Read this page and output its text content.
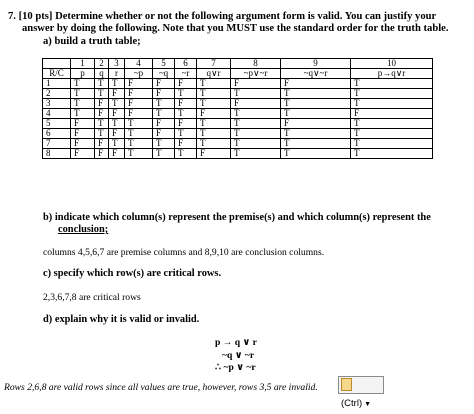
7. [10 pts] Determine whether or not the following argument form is valid. You can justify your
answer by doing the following. Note that you MUST use the standard order for the truth table.
a) build a truth table;
	1	2	3	4	5	6	7	8	9	10
R/C	p	q	r	~p	~q	~r	q∨r	~p∨~r	~q∨~r	p→q∨r
1	T	T	T	F	F	F	T	F	F	T
2	T	T	F	F	F	T	T	T	T	T
3	T	F	T	F	T	F	T	F	T	T
4	T	F	F	F	T	T	F	T	T	F
5	F	T	T	T	F	F	T	T	F	T
6	F	T	F	T	F	T	T	T	T	T
7	F	F	T	T	T	F	T	T	T	T
8	F	F	F	T	T	T	F	T	T	T
b) indicate which column(s) represent the premise(s) and which column(s) represent the
conclusion;
columns 4,5,6,7 are premise columns and 8,9,10 are conclusion columns.
c) specify which row(s) are critical rows.
2,3,6,7,8 are critical rows
d) explain why it is valid or invalid.
p → q ∨ r
~q ∨ ~r
∴ ~p ∨ ~r
Rows 2,6,8 are valid rows since all values are true, however, rows 3,5 are invalid.
(Ctrl) ▼
